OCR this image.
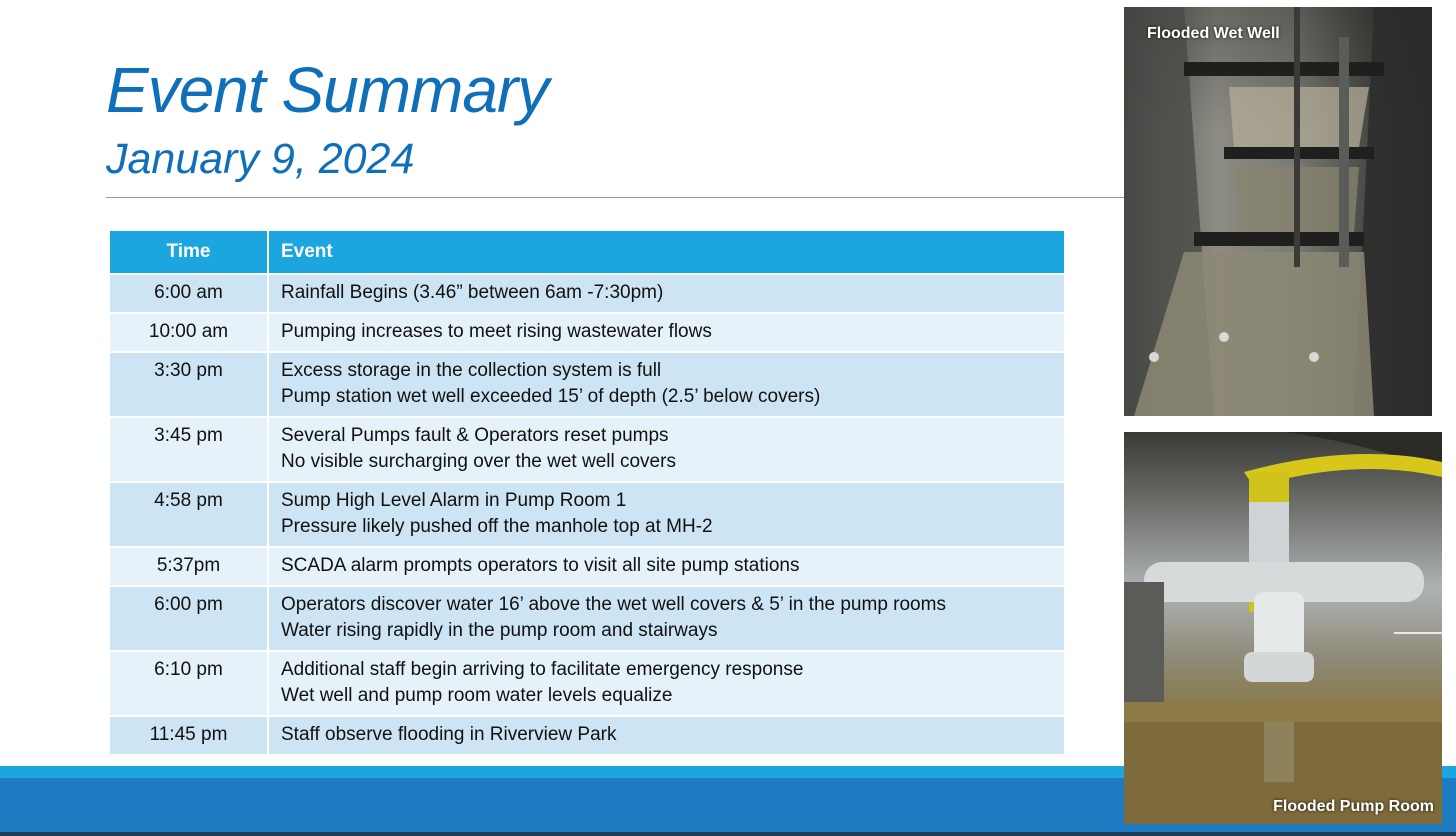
Event Summary
January 9, 2024
Time	Event
6:00 am	Rainfall Begins (3.46” between 6am -7:30pm)

10:00 am	Pumping increases to meet rising wastewater flows

3:30 pm	Excess storage in the collection system is full
Pump station wet well exceeded 15’ of depth (2.5’ below covers)

3:45 pm	Several Pumps fault & Operators reset pumps
No visible surcharging over the wet well covers

4:58 pm	Sump High Level Alarm in Pump Room 1
Pressure likely pushed off the manhole top at MH-2

5:37pm	SCADA alarm prompts operators to visit all site pump stations

6:00 pm	Operators discover water 16’ above the wet well covers & 5’ in the pump rooms
Water rising rapidly in the pump room and stairways

6:10 pm	Additional staff begin arriving to facilitate emergency response
Wet well and pump room water levels equalize

11:45 pm	Staff observe flooding in Riverview Park
Flooded Wet Well
Flooded Pump Room
